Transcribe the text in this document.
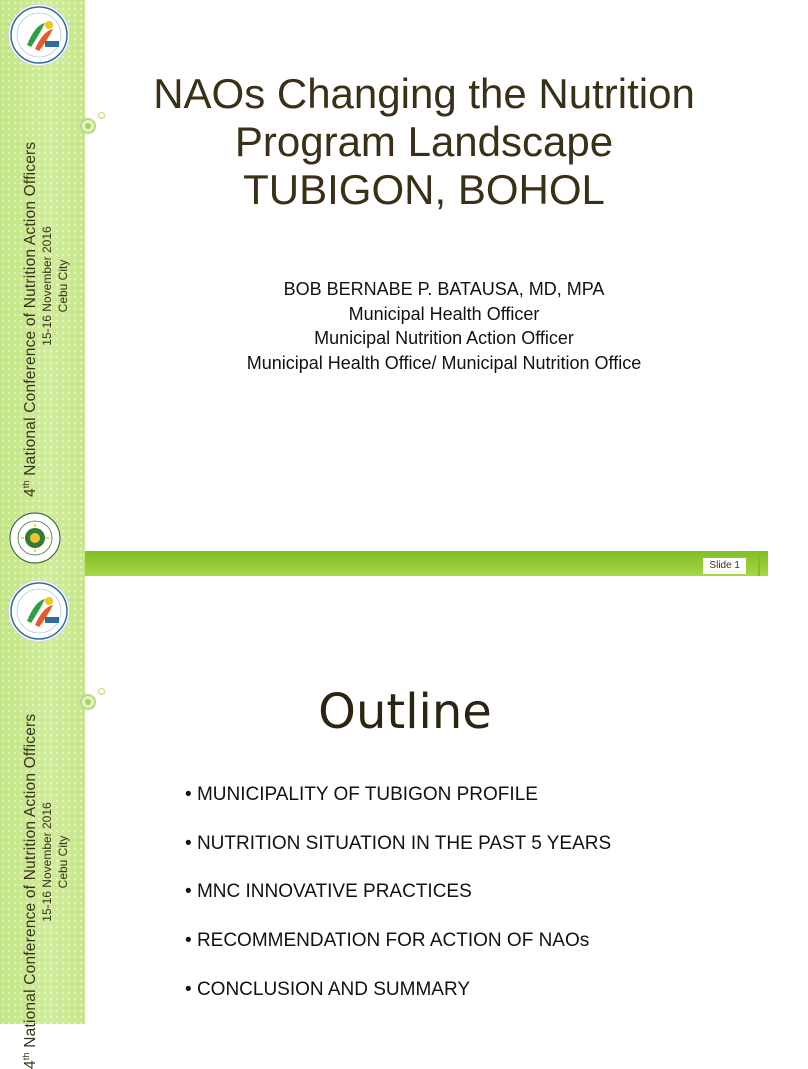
4th National Conference of Nutrition Action Officers 15-16 November 2016 Cebu City
NAOs Changing the Nutrition
Program Landscape
TUBIGON, BOHOL
BOB BERNABE P. BATAUSA, MD, MPA
Municipal Health Officer
Municipal Nutrition Action Officer
Municipal Health Office/ Municipal Nutrition Office
Slide 1
4th National Conference of Nutrition Action Officers 15-16 November 2016 Cebu City
Outline
• MUNICIPALITY OF TUBIGON PROFILE
• NUTRITION SITUATION IN THE PAST 5 YEARS
• MNC INNOVATIVE PRACTICES
• RECOMMENDATION FOR ACTION OF NAOs
• CONCLUSION AND SUMMARY
